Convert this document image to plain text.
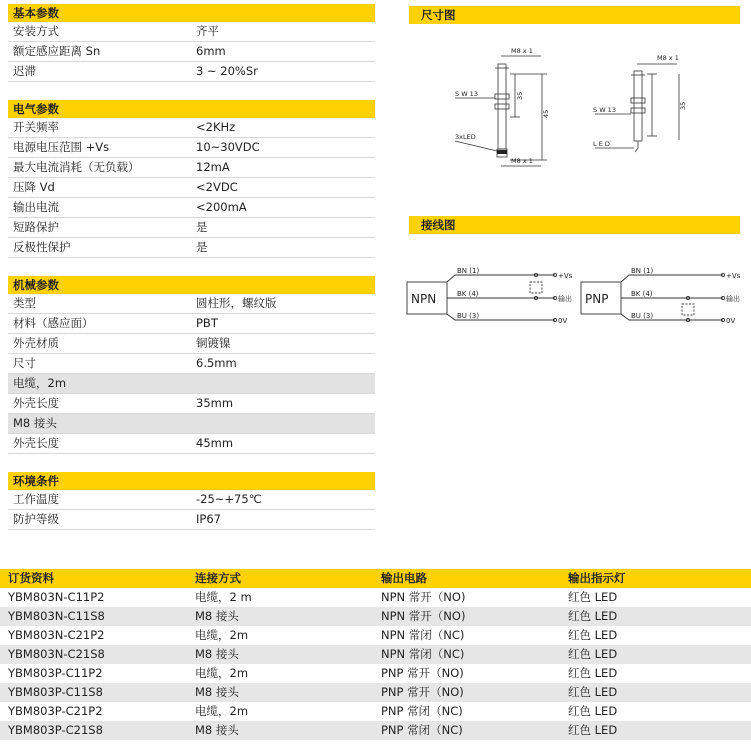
基本参数
安装方式	齐平
额定感应距离 Sn	6mm
迟滞	3 ~ 20%Sr
电气参数
开关频率	<2KHz
电源电压范围 +Vs	10~30VDC
最大电流消耗（无负载）	12mA
压降 Vd	<2VDC
输出电流	<200mA
短路保护	是
反极性保护	是
机械参数
类型	圆柱形，螺纹版
材料（感应面）	PBT
外壳材质	铜镀镍
尺寸	6.5mm
电缆，2m
外壳长度	35mm
M8 接头
外壳长度	45mm
环境条件
工作温度	-25~+75℃
防护等级	IP67
尺寸图
M8 x 1
M8 x 1
M8 x 1
S W 13
S W 13
3xLED
L E D
35
45
35
接线图
NPN	PNP
BN (1)
BK (4)
BU (3)
+Vs
输出
0V
BN (1)
BK (4)
BU (3)
+Vs
输出
0V
订货资料	连接方式	输出电路	输出指示灯
YBM803N-C11P2	电缆，2 m	NPN 常开（NO)	红色 LED
YBM803N-C11S8	M8 接头	NPN 常开（NO)	红色 LED
YBM803N-C21P2	电缆，2m	NPN 常闭（NC)	红色 LED
YBM803N-C21S8	M8 接头	NPN 常闭（NC)	红色 LED
YBM803P-C11P2	电缆，2m	PNP 常开（NO)	红色 LED
YBM803P-C11S8	M8 接头	PNP 常开（NO)	红色 LED
YBM803P-C21P2	电缆，2m	PNP 常闭（NC)	红色 LED
YBM803P-C21S8	M8 接头	PNP 常闭（NC)	红色 LED
